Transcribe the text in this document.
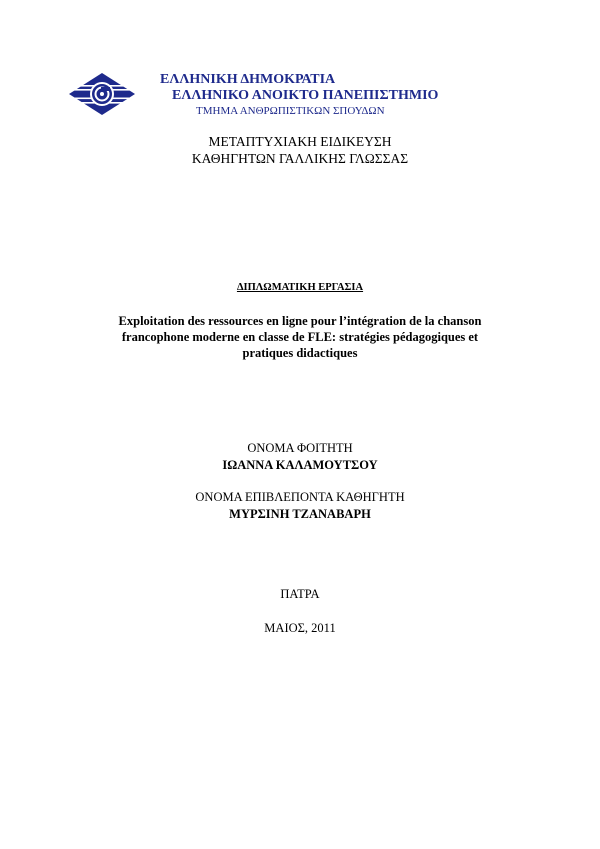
ΕΛΛΗΝΙΚΗ ΔΗΜΟΚΡΑΤΙΑ
ΕΛΛΗΝΙΚΟ ΑΝΟΙΚΤΟ ΠΑΝΕΠΙΣΤΗΜΙΟ
ΤΜΗΜΑ ΑΝΘΡΩΠΙΣΤΙΚΩΝ ΣΠΟΥΔΩΝ
ΜΕΤΑΠΤΥΧΙΑΚΗ ΕΙΔΙΚΕΥΣΗ
ΚΑΘΗΓΗΤΩΝ ΓΑΛΛΙΚΗΣ ΓΛΩΣΣΑΣ
ΔΙΠΛΩΜΑΤΙΚΗ ΕΡΓΑΣΙΑ
Exploitation des ressources en ligne pour l’intégration de la chanson
francophone moderne en classe de FLE: stratégies pédagogiques et
pratiques didactiques
ΟΝΟΜΑ ΦΟΙΤΗΤΗ
ΙΩΑΝΝΑ ΚΑΛΑΜΟΥΤΣΟΥ
ΟΝΟΜΑ ΕΠΙΒΛΕΠΟΝΤΑ ΚΑΘΗΓΗΤΗ
ΜΥΡΣΙΝΗ ΤΖΑΝΑΒΑΡΗ
ΠΑΤΡΑ
ΜΑΙΟΣ, 2011
